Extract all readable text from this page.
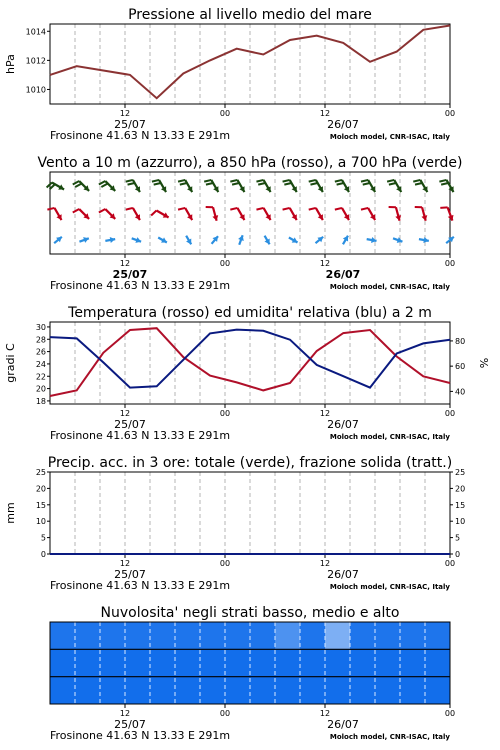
Pressione al livello medio del mare
12	00	12	00
25/07	26/07
Frosinone 41.63 N 13.33 E 291m	Moloch model, CNR-ISAC, Italy
1010
1012
1014
hPa
Vento a 10 m (azzurro), a 850 hPa (rosso), a 700 hPa (verde)
12	00	12	00
25/07	26/07
Frosinone 41.63 N 13.33 E 291m	Moloch model, CNR-ISAC, Italy
Temperatura (rosso) ed umidita' relativa (blu) a 2 m
12	00	12	00
25/07	26/07
Frosinone 41.63 N 13.33 E 291m	Moloch model, CNR-ISAC, Italy
18
20
22
24
26
28
30
gradi C
40
60
80
%
Precip. acc. in 3 ore: totale (verde), frazione solida (tratt.)
12	00	12	00
25/07	26/07
Frosinone 41.63 N 13.33 E 291m	Moloch model, CNR-ISAC, Italy
0
5
10
15
20
25
mm
0
5
10
15
20
25
Nuvolosita' negli strati basso, medio e alto
12	00	12	00
25/07	26/07
Frosinone 41.63 N 13.33 E 291m	Moloch model, CNR-ISAC, Italy
